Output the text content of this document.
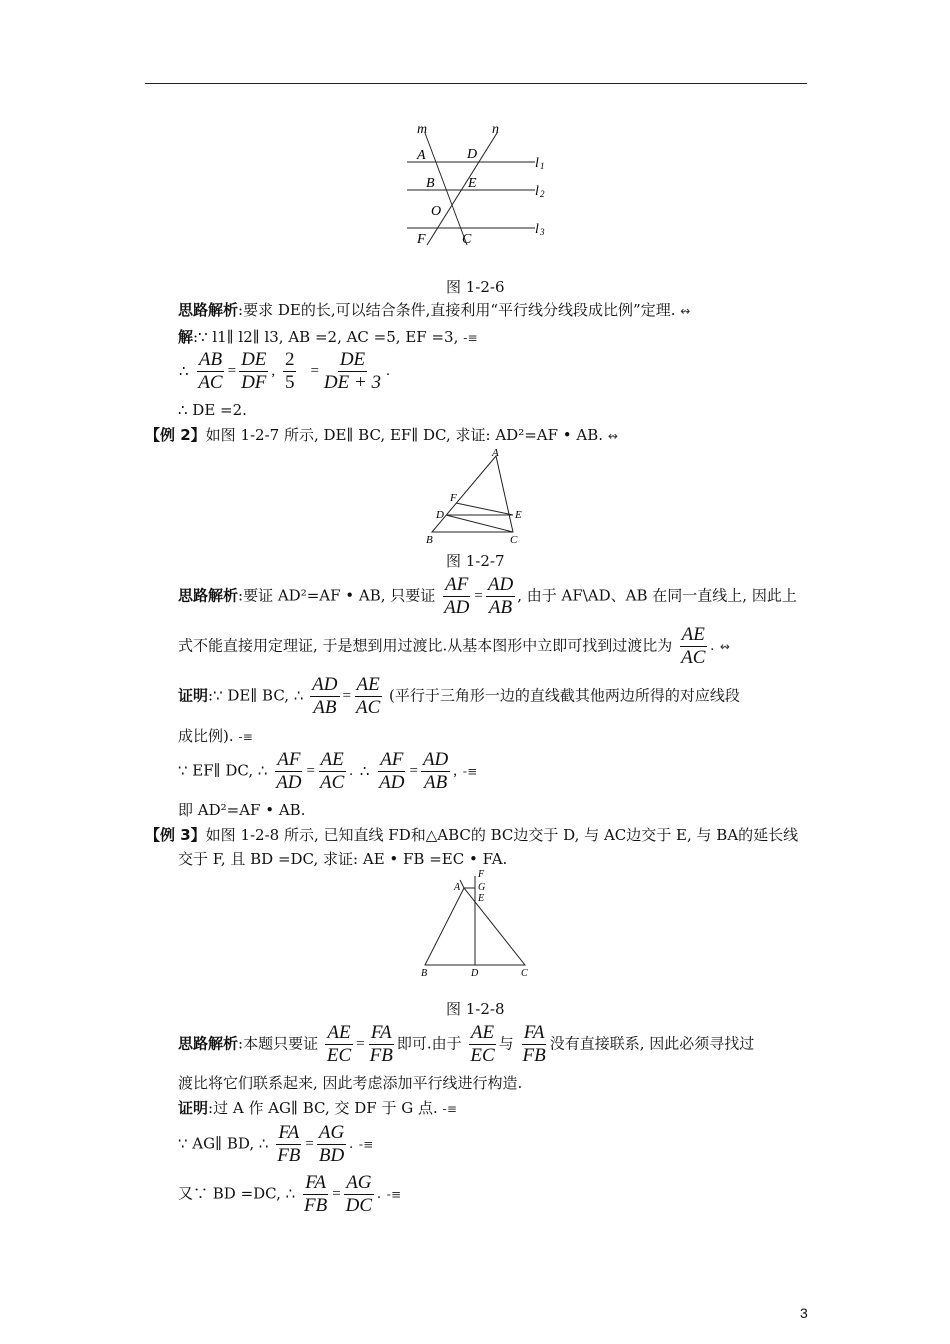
m	n
A	D
B E
O
F	C
l 1
l 2
l 3
图 1-2-6
思路解析:要求 DE的长,可以结合条件,直接利用“平行线分线段成比例”定理. ↭
解:∵ l1∥ l2∥ l3, AB =2, AC =5, EF =3, -≡
∴ $\frac{AB}{AC} = \frac{DE}{DF}$ , $\frac{2}{5} = \frac{DE}{DE + 3}$ .
∴ DE =2.
【例 2】如图 1-2-7 所示, DE∥ BC, EF∥ DC, 求证: AD²=AF • AB. ↭
A
F
D	E
B	C
图 1-2-7
思路解析:要证 AD²=AF • AB, 只要证 $\frac{AF}{AD} = \frac{AD}{AB}$ , 由于 AF\AD、AB 在同一直线上, 因此上
式不能直接用定理证, 于是想到用过渡比.从基本图形中立即可找到过渡比为 $\frac{AE}{AC}$ . ↭
证明:∵ DE∥ BC, ∴ $\frac{AD}{AB} = \frac{AE}{AC}$ (平行于三角形一边的直线截其他两边所得的对应线段
成比例). -≡
∵ EF∥ DC, ∴ $\frac{AF}{AD} = \frac{AE}{AC}$ . ∴ $\frac{AF}{AD} = \frac{AD}{AB}$ , -≡
即 AD²=AF • AB.
【例 3】如图 1-2-8 所示, 已知直线 FD和△ABC的 BC边交于 D, 与 AC边交于 E, 与 BA的延长线
交于 F, 且 BD =DC, 求证: AE • FB =EC • FA.
F
A G
E
B	D	C
图 1-2-8
思路解析:本题只要证 $\frac{AE}{EC} = \frac{FA}{FB}$ 即可.由于 $\frac{AE}{EC}$ 与 $\frac{FA}{FB}$ 没有直接联系, 因此必须寻找过
渡比将它们联系起来, 因此考虑添加平行线进行构造.
证明:过 A 作 AG∥ BC, 交 DF 于 G 点. -≡
∵ AG∥ BD, ∴ $\frac{FA}{FB} = \frac{AG}{BD}$ . -≡
又∵ BD =DC, ∴ $\frac{FA}{FB} = \frac{AG}{DC}$ . -≡
3
